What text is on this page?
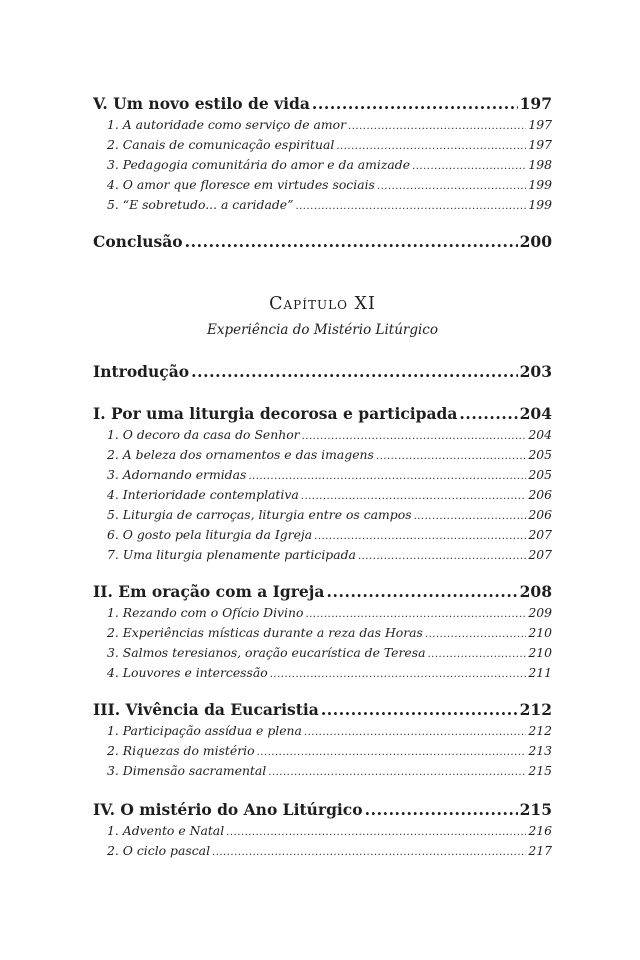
V. Um novo estilo de vida .....	197
1. A autoridade como serviço de amor .....	197
2. Canais de comunicação espiritual .....	197
3. Pedagogia comunitária do amor e da amizade .....	198
4. O amor que floresce em virtudes sociais .....	199
5. “E sobretudo... a caridade” .....	199
Conclusão .....	200
Capítulo XI
Experiência do Mistério Litúrgico
Introdução .....	203
I. Por uma liturgia decorosa e participada .....	204
1. O decoro da casa do Senhor .....	204
2. A beleza dos ornamentos e das imagens .....	205
3. Adornando ermidas .....	205
4. Interioridade contemplativa .....	206
5. Liturgia de carroças, liturgia entre os campos .....	206
6. O gosto pela liturgia da Igreja .....	207
7. Uma liturgia plenamente participada .....	207
II. Em oração com a Igreja .....	208
1. Rezando com o Ofício Divino .....	209
2. Experiências místicas durante a reza das Horas .....	210
3. Salmos teresianos, oração eucarística de Teresa .....	210
4. Louvores e intercessão .....	211
III. Vivência da Eucaristia .....	212
1. Participação assídua e plena .....	212
2. Riquezas do mistério .....	213
3. Dimensão sacramental .....	215
IV. O mistério do Ano Litúrgico .....	215
1. Advento e Natal .....	216
2. O ciclo pascal .....	217
